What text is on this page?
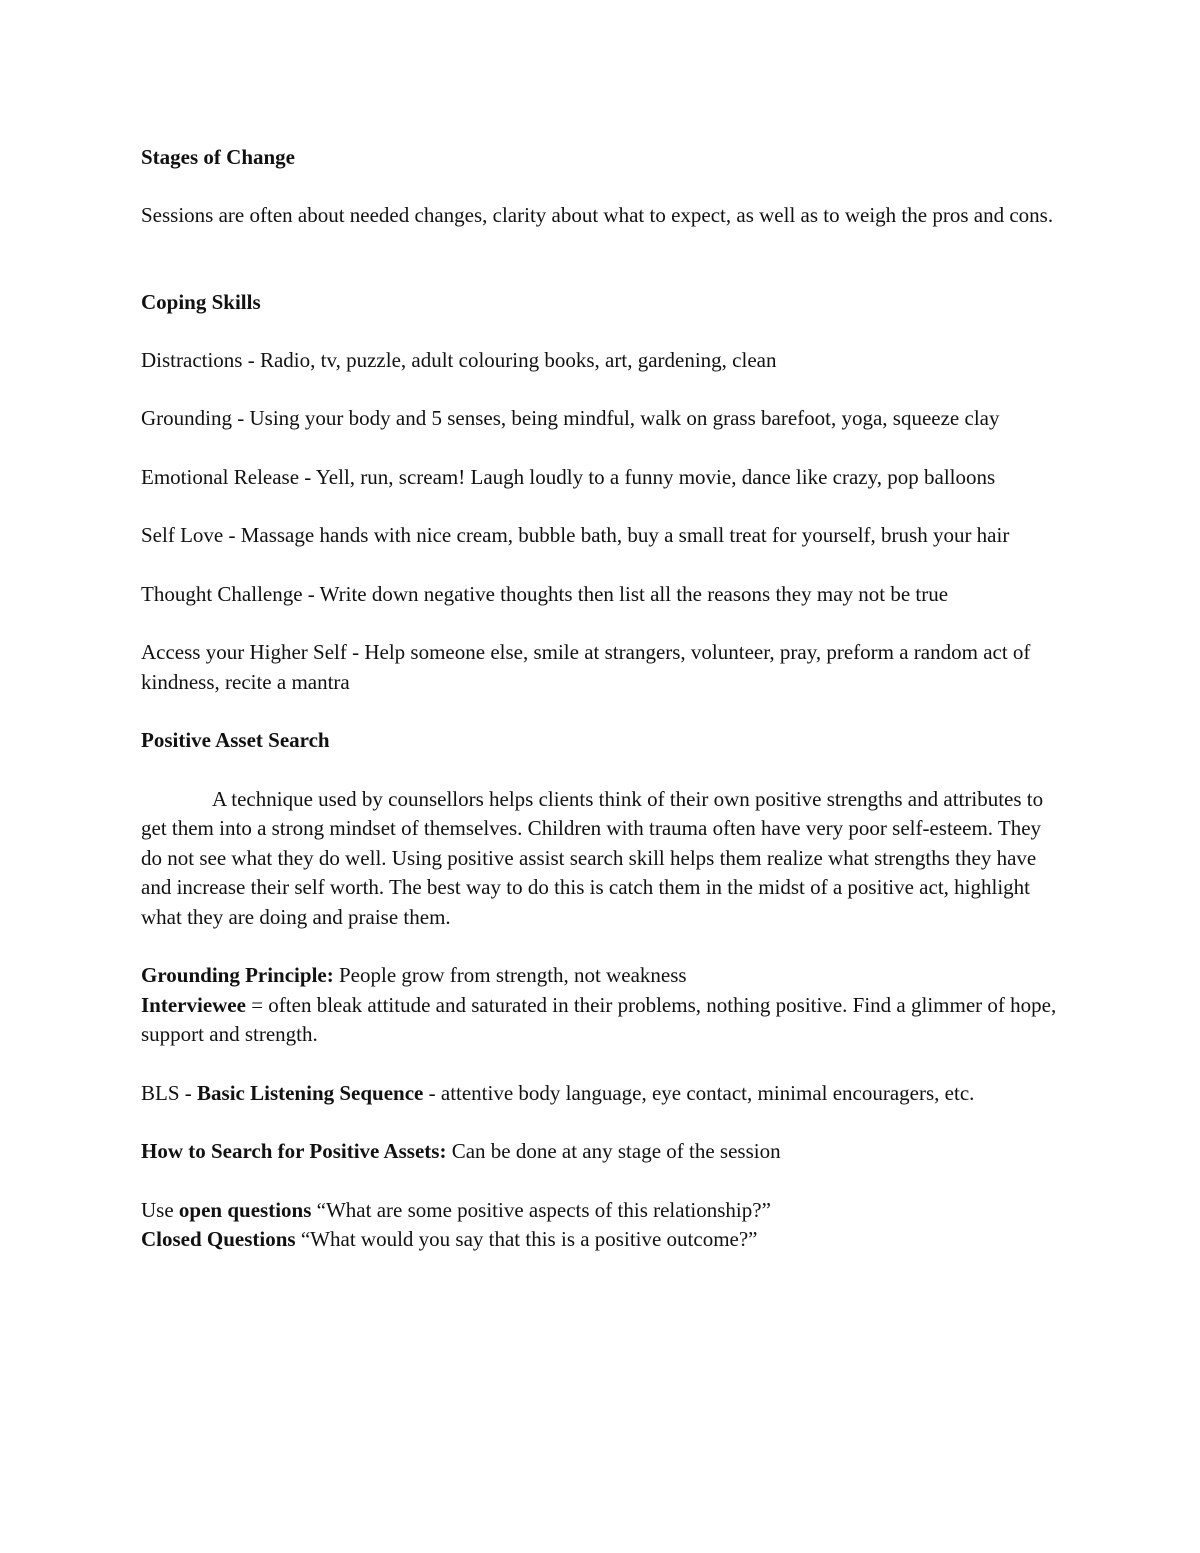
Stages of Change

Sessions are often about needed changes, clarity about what to expect, as well as to weigh the pros and cons.

Coping Skills

Distractions - Radio, tv, puzzle, adult colouring books, art, gardening, clean

Grounding - Using your body and 5 senses, being mindful, walk on grass barefoot, yoga, squeeze clay

Emotional Release - Yell, run, scream! Laugh loudly to a funny movie, dance like crazy, pop balloons

Self Love - Massage hands with nice cream, bubble bath, buy a small treat for yourself, brush your hair

Thought Challenge - Write down negative thoughts then list all the reasons they may not be true

Access your Higher Self - Help someone else, smile at strangers, volunteer, pray, preform a random act of kindness, recite a mantra

Positive Asset Search

A technique used by counsellors helps clients think of their own positive strengths and attributes to get them into a strong mindset of themselves. Children with trauma often have very poor self-esteem. They do not see what they do well. Using positive assist search skill helps them realize what strengths they have and increase their self worth. The best way to do this is catch them in the midst of a positive act, highlight what they are doing and praise them.

Grounding Principle: People grow from strength, not weakness

Interviewee = often bleak attitude and saturated in their problems, nothing positive. Find a glimmer of hope, support and strength.

BLS - Basic Listening Sequence - attentive body language, eye contact, minimal encouragers, etc.

How to Search for Positive Assets: Can be done at any stage of the session

Use open questions “What are some positive aspects of this relationship?”

Closed Questions “What would you say that this is a positive outcome?”
